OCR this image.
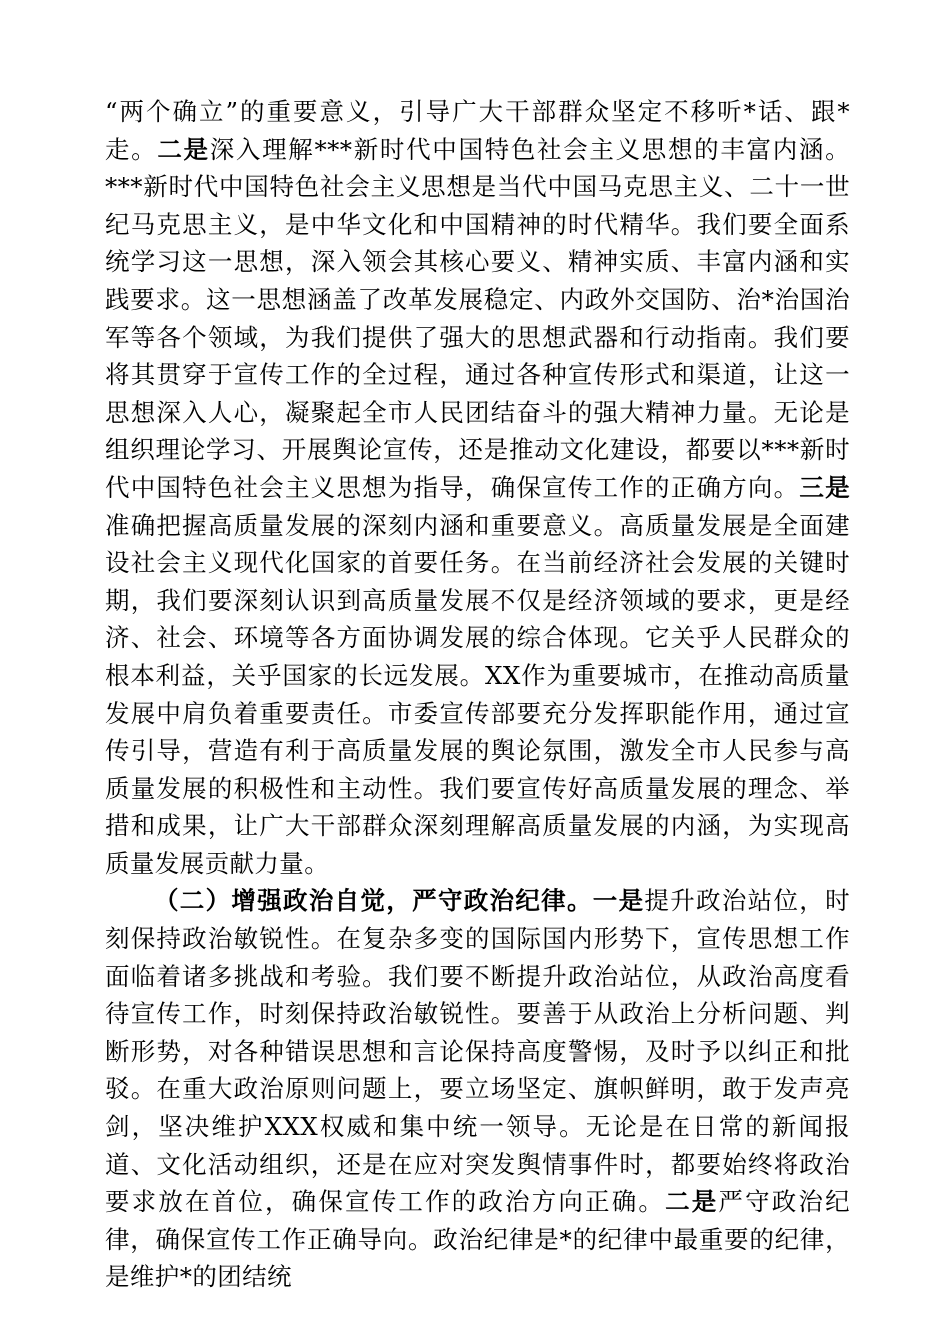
“两个确立”的重要意义，引导广大干部群众坚定不移听*话、跟*走。二是深入理解***新时代中国特色社会主义思想的丰富内涵。***新时代中国特色社会主义思想是当代中国马克思主义、二十一世纪马克思主义，是中华文化和中国精神的时代精华。我们要全面系统学习这一思想，深入领会其核心要义、精神实质、丰富内涵和实践要求。这一思想涵盖了改革发展稳定、内政外交国防、治*治国治军等各个领域，为我们提供了强大的思想武器和行动指南。我们要将其贯穿于宣传工作的全过程，通过各种宣传形式和渠道，让这一思想深入人心，凝聚起全市人民团结奋斗的强大精神力量。无论是组织理论学习、开展舆论宣传，还是推动文化建设，都要以***新时代中国特色社会主义思想为指导，确保宣传工作的正确方向。三是准确把握高质量发展的深刻内涵和重要意义。高质量发展是全面建设社会主义现代化国家的首要任务。在当前经济社会发展的关键时期，我们要深刻认识到高质量发展不仅是经济领域的要求，更是经济、社会、环境等各方面协调发展的综合体现。它关乎人民群众的根本利益，关乎国家的长远发展。XX作为重要城市，在推动高质量发展中肩负着重要责任。市委宣传部要充分发挥职能作用，通过宣传引导，营造有利于高质量发展的舆论氛围，激发全市人民参与高质量发展的积极性和主动性。我们要宣传好高质量发展的理念、举措和成果，让广大干部群众深刻理解高质量发展的内涵，为实现高质量发展贡献力量。

（二）增强政治自觉，严守政治纪律。一是提升政治站位，时刻保持政治敏锐性。在复杂多变的国际国内形势下，宣传思想工作面临着诸多挑战和考验。我们要不断提升政治站位，从政治高度看待宣传工作，时刻保持政治敏锐性。要善于从政治上分析问题、判断形势，对各种错误思想和言论保持高度警惕，及时予以纠正和批驳。在重大政治原则问题上，要立场坚定、旗帜鲜明，敢于发声亮剑，坚决维护XXX权威和集中统一领导。无论是在日常的新闻报道、文化活动组织，还是在应对突发舆情事件时，都要始终将政治要求放在首位，确保宣传工作的政治方向正确。二是严守政治纪律，确保宣传工作正确导向。政治纪律是*的纪律中最重要的纪律，是维护*的团结统
